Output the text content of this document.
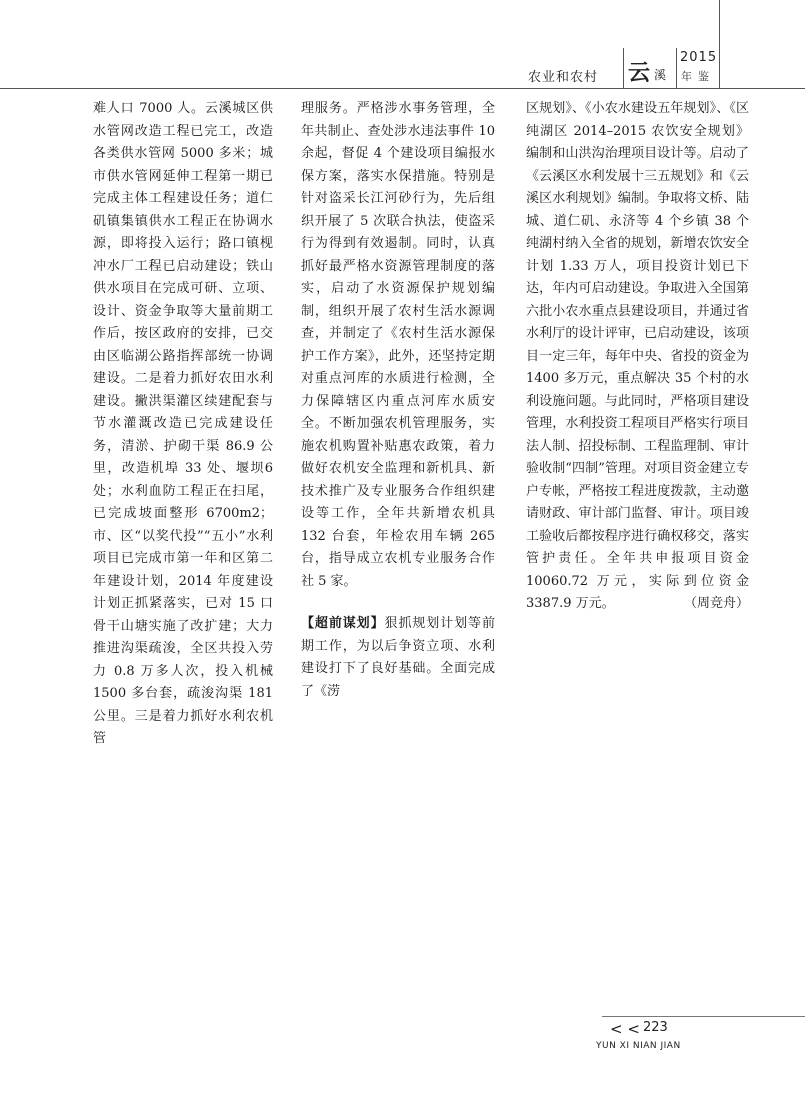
农业和农村 云 溪
2015
年鉴

难人口 7000 人。云溪城区供水管网改造工程已完工，改造各类供水管网 5000 多米；城市供水管网延伸工程第一期已完成主体工程建设任务；道仁矶镇集镇供水工程正在协调水源，即将投入运行；路口镇枧冲水厂工程已启动建设；铁山供水项目在完成可研、立项、设计、资金争取等大量前期工作后，按区政府的安排，已交由区临湖公路指挥部统一协调建设。二是着力抓好农田水利建设。撇洪渠灌区续建配套与节水灌溉改造已完成建设任务，清淤、护砌干渠 86.9 公里，改造机埠 33 处、堰坝6处；水利血防工程正在扫尾，已完成坡面整形 6700m2；市、区“以奖代投”“五小”水利项目已完成市第一年和区第二年建设计划，2014 年度建设计划正抓紧落实，已对 15 口骨干山塘实施了改扩建；大力推进沟渠疏浚，全区共投入劳力 0.8 万多人次，投入机械 1500 多台套，疏浚沟渠 181 公里。三是着力抓好水利农机管

理服务。严格涉水事务管理，全年共制止、查处涉水违法事件 10 余起，督促 4 个建设项目编报水保方案，落实水保措施。特别是针对盗采长江河砂行为，先后组织开展了 5 次联合执法，使盗采行为得到有效遏制。同时，认真抓好最严格水资源管理制度的落实，启动了水资源保护规划编制，组织开展了农村生活水源调查，并制定了《农村生活水源保护工作方案》，此外，还坚持定期对重点河库的水质进行检测，全力保障辖区内重点河库水质安全。不断加强农机管理服务，实施农机购置补贴惠农政策，着力做好农机安全监理和新机具、新技术推广及专业服务合作组织建设等工作，全年共新增农机具 132 台套，年检农用车辆 265 台，指导成立农机专业服务合作社 5 家。

【超前谋划】狠抓规划计划等前期工作，为以后争资立项、水利建设打下了良好基础。全面完成了《涝

区规划》、《小农水建设五年规划》、《区纯湖区 2014–2015 农饮安全规划》编制和山洪沟治理项目设计等。启动了《云溪区水利发展十三五规划》和《云溪区水利规划》编制。争取将文桥、陆城、道仁矶、永济等 4 个乡镇 38 个纯湖村纳入全省的规划，新增农饮安全计划 1.33 万人，项目投资计划已下达，年内可启动建设。争取进入全国第六批小农水重点县建设项目，并通过省水利厅的设计评审，已启动建设，该项目一定三年，每年中央、省投的资金为 1400 多万元，重点解决 35 个村的水利设施问题。与此同时，严格项目建设管理，水利投资工程项目严格实行项目法人制、招投标制、工程监理制、审计验收制“四制”管理。对项目资金建立专户专帐，严格按工程进度拨款，主动邀请财政、审计部门监督、审计。项目竣工验收后都按程序进行确权移交，落实管护责任。全年共申报项目资金 10060.72 万元，实际到位资金 3387.9 万元。	（周竞舟）

< < 223
YUN XI NIAN JIAN
